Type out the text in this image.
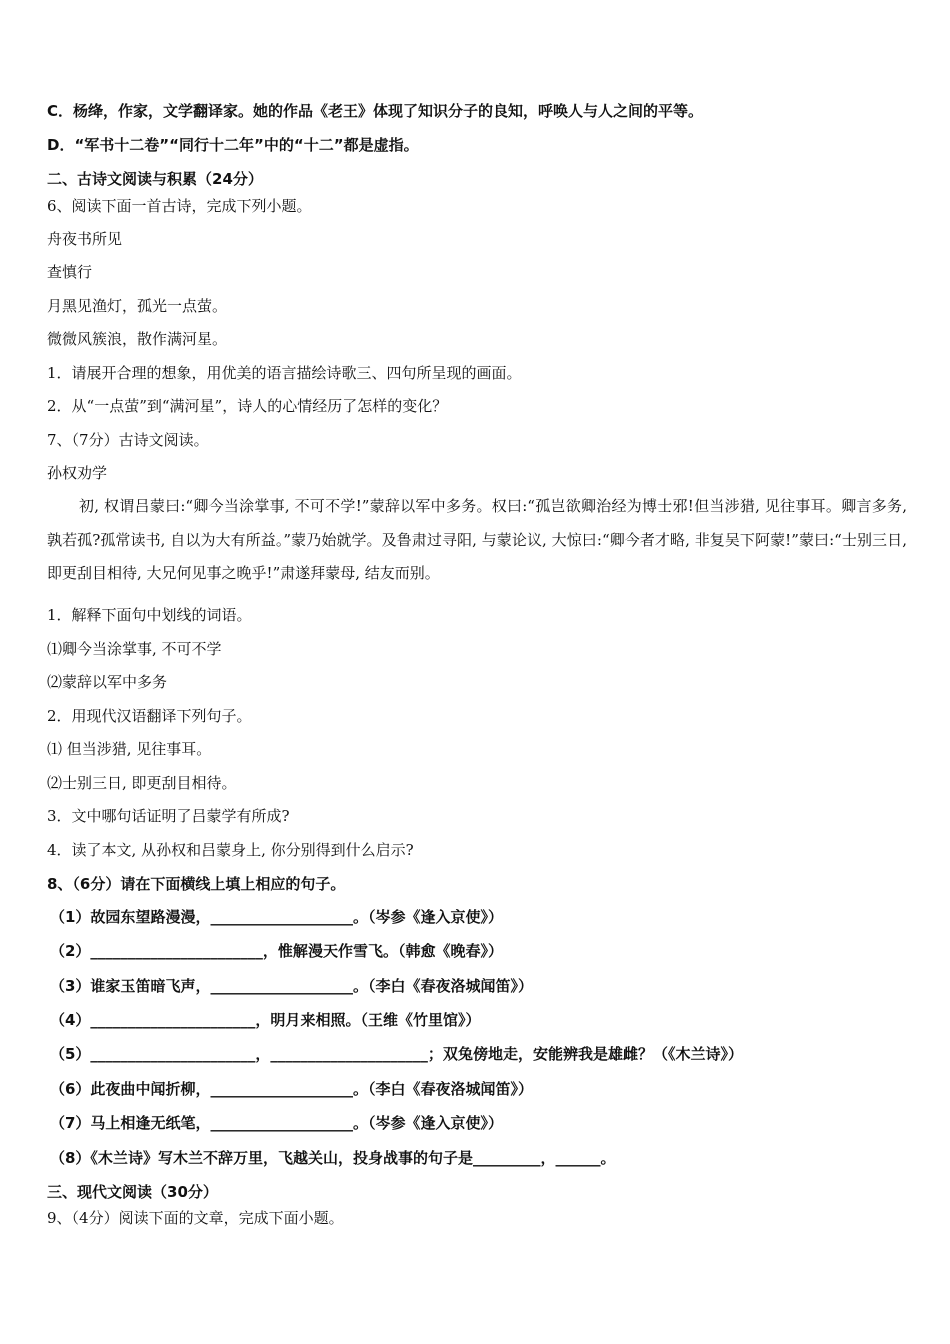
C．杨绛，作家，文学翻译家。她的作品《老王》体现了知识分子的良知，呼唤人与人之间的平等。
D．“军书十二卷”“同行十二年”中的“十二”都是虚指。
二、古诗文阅读与积累（24分）
6、阅读下面一首古诗，完成下列小题。
舟夜书所见
查慎行
月黑见渔灯，孤光一点萤。
微微风簇浪，散作满河星。
1．请展开合理的想象，用优美的语言描绘诗歌三、四句所呈现的画面。
2．从“一点萤”到“满河星”，诗人的心情经历了怎样的变化？
7、（7分）古诗文阅读。
孙权劝学
初, 权谓吕蒙曰:“卿今当涂掌事, 不可不学!”蒙辞以军中多务。权曰:“孤岂欲卿治经为博士邪!但当涉猎, 见往事耳。卿言多务, 孰若孤?孤常读书, 自以为大有所益。”蒙乃始就学。及鲁肃过寻阳, 与蒙论议, 大惊曰:“卿今者才略, 非复吴下阿蒙!”蒙曰:“士别三日, 即更刮目相待, 大兄何见事之晚乎!”肃遂拜蒙母, 结友而别。
1．解释下面句中划线的词语。
⑴卿今当涂掌事, 不可不学
⑵蒙辞以军中多务
2．用现代汉语翻译下列句子。
⑴ 但当涉猎, 见往事耳。
⑵士别三日, 即更刮目相待。
3．文中哪句话证明了吕蒙学有所成?
4．读了本文, 从孙权和吕蒙身上, 你分别得到什么启示?
8、（6分）请在下面横线上填上相应的句子。
（1）故园东望路漫漫，___________________。（岑参《逢入京使》）
（2）_______________________，惟解漫天作雪飞。（韩愈《晚春》）
（3）谁家玉笛暗飞声，___________________。（李白《春夜洛城闻笛》）
（4）______________________，明月来相照。（王维《竹里馆》）
（5）______________________，_____________________；双兔傍地走，安能辨我是雄雌？（《木兰诗》）
（6）此夜曲中闻折柳，___________________。（李白《春夜洛城闻笛》）
（7）马上相逢无纸笔，___________________。（岑参《逢入京使》）
（8）《木兰诗》写木兰不辞万里，飞越关山，投身战事的句子是_________，______。
三、现代文阅读（30分）
9、（4分）阅读下面的文章，完成下面小题。
